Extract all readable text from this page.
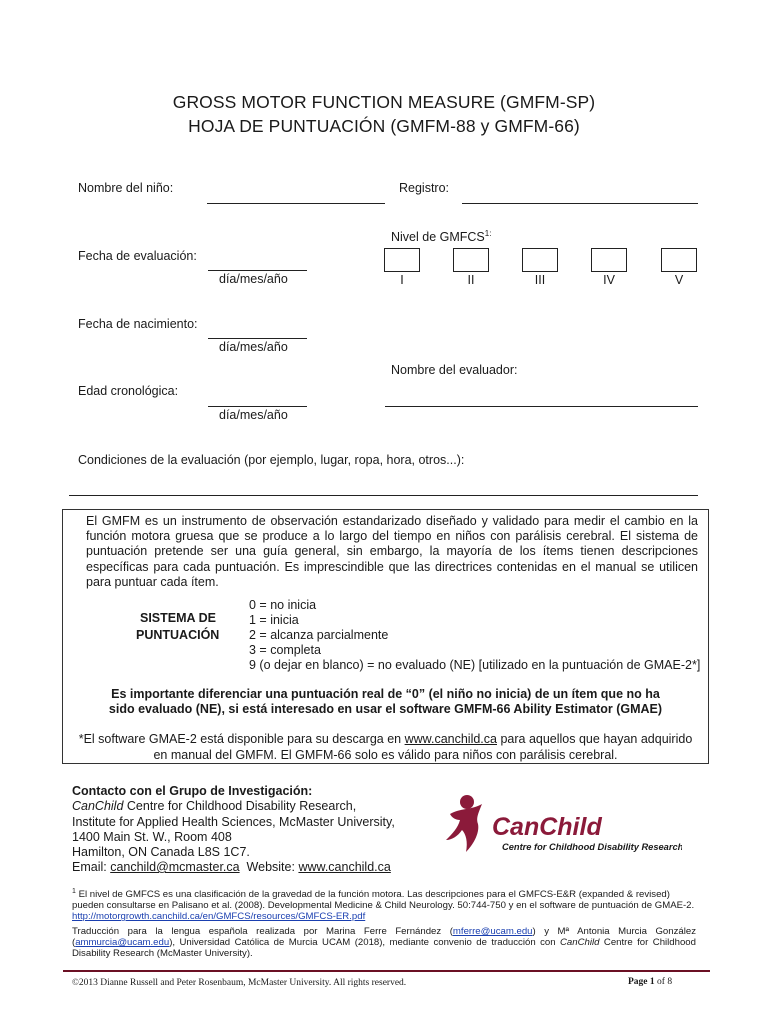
GROSS MOTOR FUNCTION MEASURE (GMFM-SP)
HOJA DE PUNTUACIÓN (GMFM-88 y GMFM-66)
Nombre del niño:	Registro:
Nivel de $GMFCS^{1:}$
I	II	III	IV	V
Fecha de evaluación:
día/mes/año
Fecha de nacimiento:
día/mes/año
Nombre del evaluador:
Edad cronológica:
día/mes/año
Condiciones de la evaluación (por ejemplo, lugar, ropa, hora, otros...):
El GMFM es un instrumento de observación estandarizado diseñado y validado para medir el cambio en la función motora gruesa que se produce a lo largo del tiempo en niños con parálisis cerebral. El sistema de puntuación pretende ser una guía general, sin embargo, la mayoría de los ítems tienen descripciones específicas para cada puntuación. Es imprescindible que las directrices contenidas en el manual se utilicen para puntuar cada ítem.
SISTEMA DE
PUNTUACIÓN
0 = no inicia
1 = inicia
2 = alcanza parcialmente
3 = completa
9 (o dejar en blanco) = no evaluado (NE) [utilizado en la puntuación de GMAE-2*]
Es importante diferenciar una puntuación real de “0” (el niño no inicia) de un ítem que no ha
sido evaluado (NE), si está interesado en usar el software GMFM-66 Ability Estimator (GMAE)
*El software GMAE-2 está disponible para su descarga en www.canchild.ca para aquellos que hayan adquirido
en manual del GMFM. El GMFM-66 solo es válido para niños con parálisis cerebral.
Contacto con el Grupo de Investigación:
CanChild Centre for Childhood Disability Research,
Institute for Applied Health Sciences, McMaster University,
1400 Main St. W., Room 408
Hamilton, ON Canada L8S 1C7.
Email: canchild@mcmaster.ca  Website: www.canchild.ca
CanChild
Centre for Childhood Disability Research
$^1$ El nivel de GMFCS es una clasificación de la gravedad de la función motora. Las descripciones para el GMFCS-E&R (expanded & revised) pueden consultarse en Palisano et al. (2008). Developmental Medicine & Child Neurology. 50:744-750 y en el software de puntuación de GMAE-2. http://motorgrowth.canchild.ca/en/GMFCS/resources/GMFCS-ER.pdf
Traducción para la lengua española realizada por Marina Ferre Fernández (mferre@ucam.edu) y Mª Antonia Murcia González (ammurcia@ucam.edu), Universidad Católica de Murcia UCAM (2018), mediante convenio de traducción con CanChild Centre for Childhood Disability Research (McMaster University).
©2013 Dianne Russell and Peter Rosenbaum, McMaster University. All rights reserved.	Page 1 of 8
